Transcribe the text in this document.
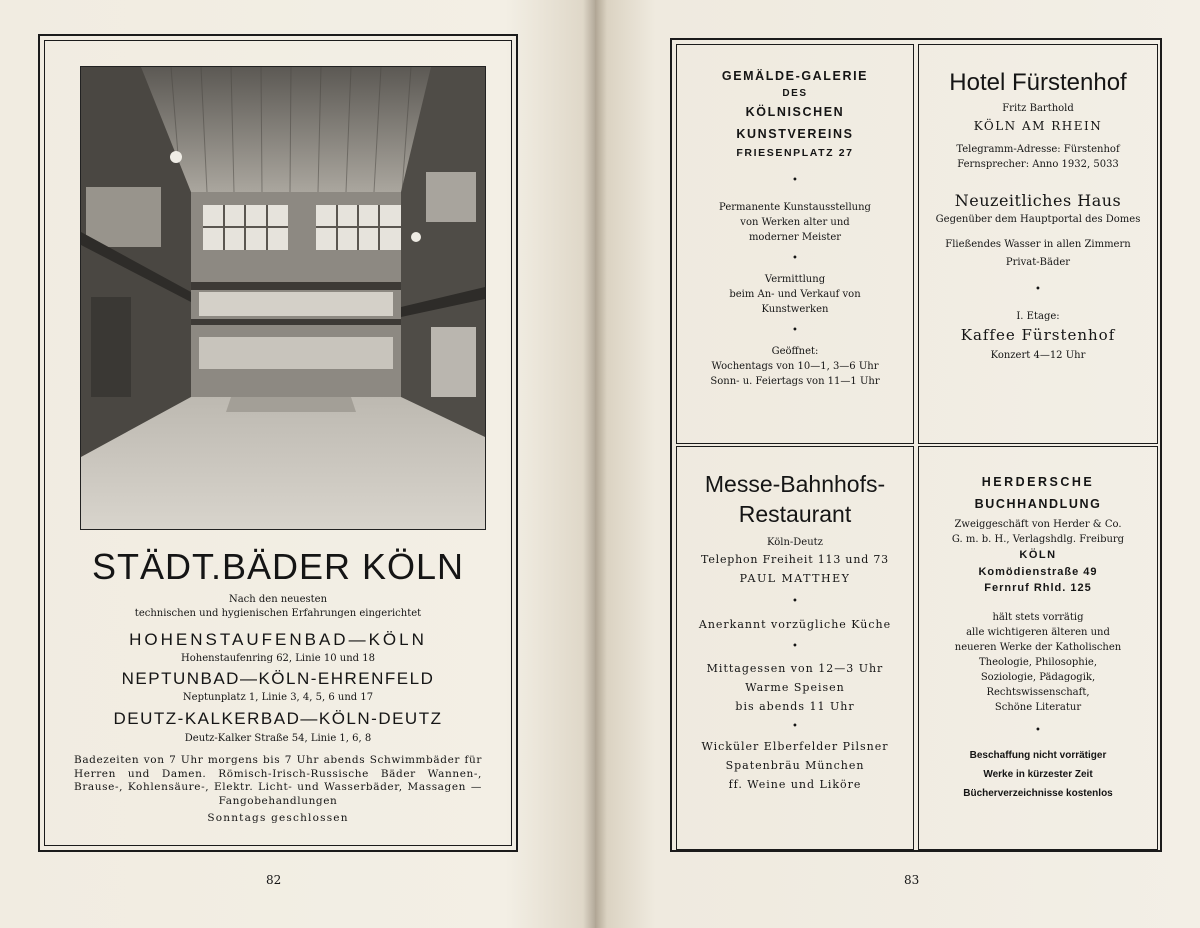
STÄDT.BÄDER KÖLN
Nach den neuesten
technischen und hygienischen Erfahrungen eingerichtet
HOHENSTAUFENBAD—KÖLN
Hohenstaufenring 62, Linie 10 und 18
NEPTUNBAD—KÖLN-EHRENFELD
Neptunplatz 1, Linie 3, 4, 5, 6 und 17
DEUTZ-KALKERBAD—KÖLN-DEUTZ
Deutz-Kalker Straße 54, Linie 1, 6, 8
Badezeiten von 7 Uhr morgens bis 7 Uhr abends Schwimmbäder für Herren und Damen. Römisch-Irisch-Russische Bäder Wannen-, Brause-, Kohlensäure-, Elektr. Licht- und Wasserbäder, Massagen — Fangobehandlungen
Sonntags geschlossen
82
GEMÄLDE-GALERIE
DES
KÖLNISCHEN
KUNSTVEREINS
FRIESENPLATZ 27
•
Permanente Kunstausstellung
von Werken alter und
moderner Meister
•
Vermittlung
beim An- und Verkauf von
Kunstwerken
•
Geöffnet:
Wochentags von 10—1, 3—6 Uhr
Sonn- u. Feiertags von 11—1 Uhr
Hotel Fürstenhof
Fritz Barthold
KÖLN AM RHEIN
Telegramm-Adresse: Fürstenhof
Fernsprecher: Anno 1932, 5033
Neuzeitliches Haus
Gegenüber dem Hauptportal des Domes
Fließendes Wasser in allen Zimmern
Privat-Bäder
•
I. Etage:
Kaffee Fürstenhof
Konzert 4—12 Uhr
Messe-Bahnhofs-
Restaurant
Köln-Deutz
Telephon Freiheit 113 und 73
PAUL MATTHEY
•
Anerkannt vorzügliche Küche
•
Mittagessen von 12—3 Uhr
Warme Speisen
bis abends 11 Uhr
•
Wicküler Elberfelder Pilsner
Spatenbräu München
ff. Weine und Liköre
HERDERSCHE
BUCHHANDLUNG
Zweiggeschäft von Herder & Co.
G. m. b. H., Verlagshdlg. Freiburg
KÖLN
Komödienstraße 49
Fernruf Rhld. 125
hält stets vorrätig
alle wichtigeren älteren und
neueren Werke der Katholischen
Theologie, Philosophie,
Soziologie, Pädagogik,
Rechtswissenschaft,
Schöne Literatur
•
Beschaffung nicht vorrätiger
Werke in kürzester Zeit
Bücherverzeichnisse kostenlos
83
